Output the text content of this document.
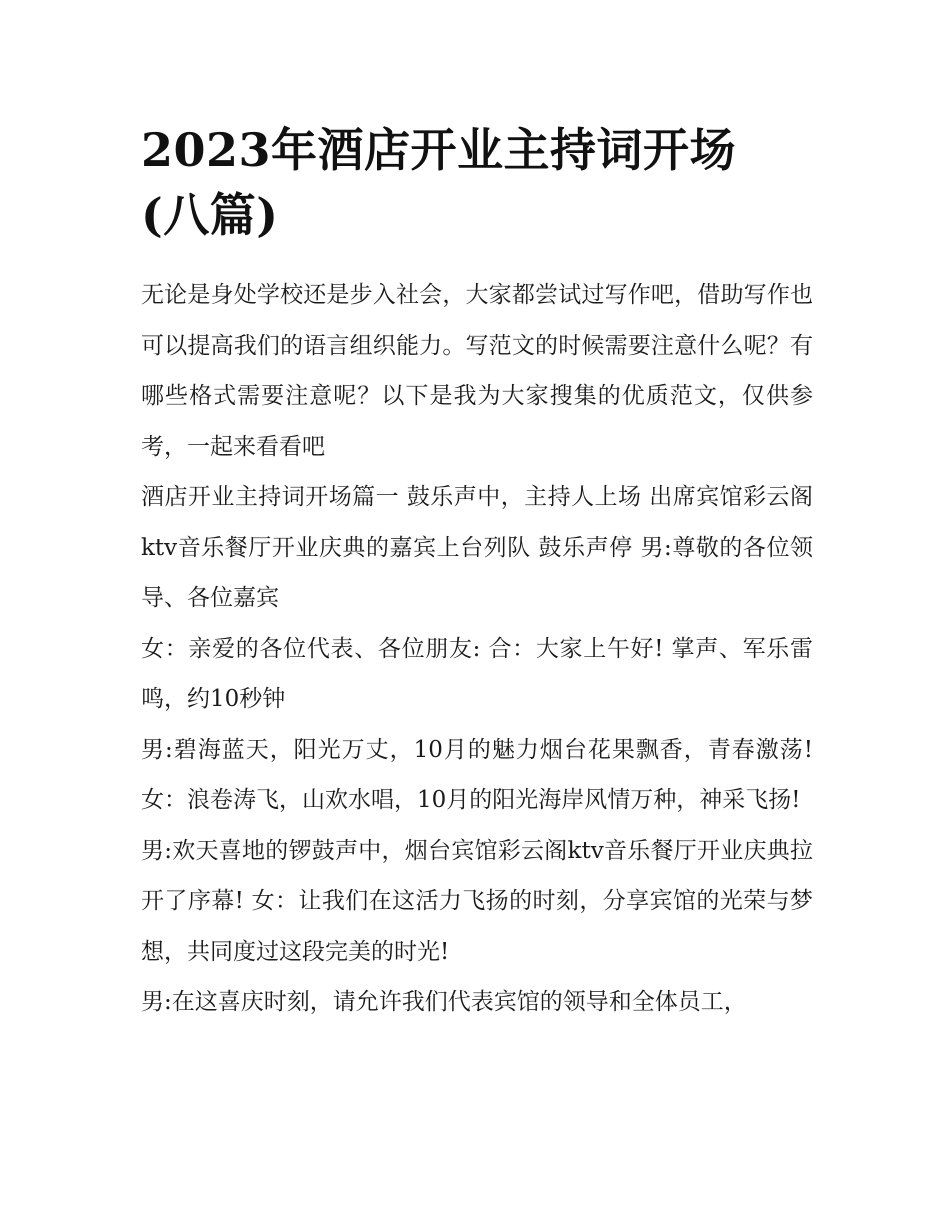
2023年酒店开业主持词开场
(八篇)

无论是身处学校还是步入社会，大家都尝试过写作吧，借助写作也可以提高我们的语言组织能力。写范文的时候需要注意什么呢？有哪些格式需要注意呢？以下是我为大家搜集的优质范文，仅供参考，一起来看看吧

酒店开业主持词开场篇一 鼓乐声中，主持人上场 出席宾馆彩云阁ktv音乐餐厅开业庆典的嘉宾上台列队 鼓乐声停 男:尊敬的各位领导、各位嘉宾

女：亲爱的各位代表、各位朋友: 合：大家上午好! 掌声、军乐雷鸣，约10秒钟

男:碧海蓝天，阳光万丈，10月的魅力烟台花果飘香，青春激荡!女：浪卷涛飞，山欢水唱，10月的阳光海岸风情万种，神采飞扬!

男:欢天喜地的锣鼓声中，烟台宾馆彩云阁ktv音乐餐厅开业庆典拉开了序幕! 女：让我们在这活力飞扬的时刻，分享宾馆的光荣与梦想，共同度过这段完美的时光!

男:在这喜庆时刻，请允许我们代表宾馆的领导和全体员工，
